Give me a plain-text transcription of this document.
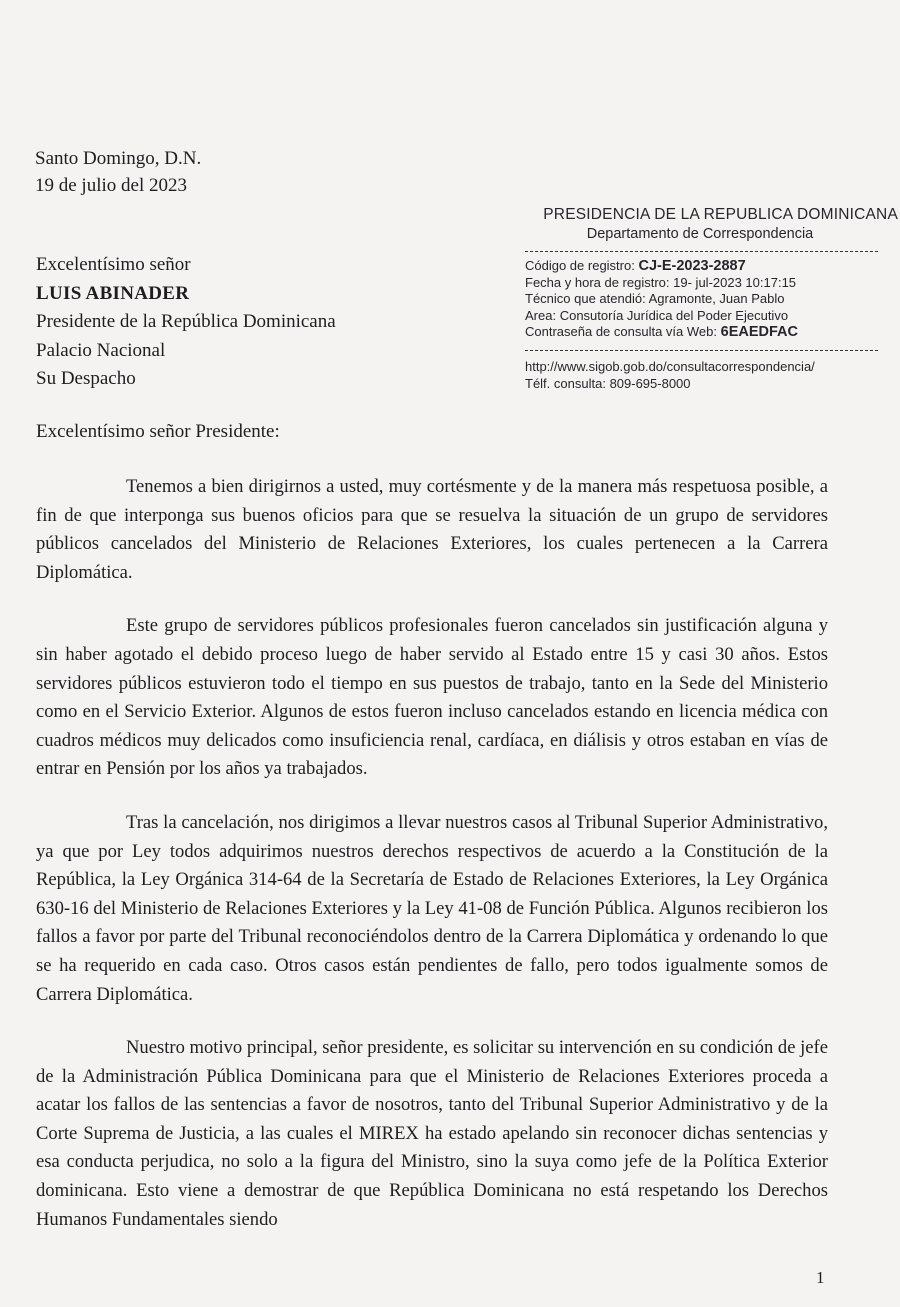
Santo Domingo, D.N.
19 de julio del 2023
Excelentísimo señor
LUIS ABINADER
Presidente de la República Dominicana
Palacio Nacional
Su Despacho
PRESIDENCIA DE LA REPUBLICA DOMINICANA
Departamento de Correspondencia
Código de registro: CJ-E-2023-2887
Fecha y hora de registro: 19- jul-2023 10:17:15
Técnico que atendió: Agramonte, Juan Pablo
Area: Consutoría Jurídica del Poder Ejecutivo
Contraseña de consulta vía Web: 6EAEDFAC
http://www.sigob.gob.do/consultacorrespondencia/
Télf. consulta: 809-695-8000
Excelentísimo señor Presidente:

Tenemos a bien dirigirnos a usted, muy cortésmente y de la manera más respetuosa posible, a fin de que interponga sus buenos oficios para que se resuelva la situación de un grupo de servidores públicos cancelados del Ministerio de Relaciones Exteriores, los cuales pertenecen a la Carrera Diplomática.

Este grupo de servidores públicos profesionales fueron cancelados sin justificación alguna y sin haber agotado el debido proceso luego de haber servido al Estado entre 15 y casi 30 años. Estos servidores públicos estuvieron todo el tiempo en sus puestos de trabajo, tanto en la Sede del Ministerio como en el Servicio Exterior. Algunos de estos fueron incluso cancelados estando en licencia médica con cuadros médicos muy delicados como insuficiencia renal, cardíaca, en diálisis y otros estaban en vías de entrar en Pensión por los años ya trabajados.

Tras la cancelación, nos dirigimos a llevar nuestros casos al Tribunal Superior Administrativo, ya que por Ley todos adquirimos nuestros derechos respectivos de acuerdo a la Constitución de la República, la Ley Orgánica 314-64 de la Secretaría de Estado de Relaciones Exteriores, la Ley Orgánica 630-16 del Ministerio de Relaciones Exteriores y la Ley 41-08 de Función Pública. Algunos recibieron los fallos a favor por parte del Tribunal reconociéndolos dentro de la Carrera Diplomática y ordenando lo que se ha requerido en cada caso. Otros casos están pendientes de fallo, pero todos igualmente somos de Carrera Diplomática.

Nuestro motivo principal, señor presidente, es solicitar su intervención en su condición de jefe de la Administración Pública Dominicana para que el Ministerio de Relaciones Exteriores proceda a acatar los fallos de las sentencias a favor de nosotros, tanto del Tribunal Superior Administrativo y de la Corte Suprema de Justicia, a las cuales el MIREX ha estado apelando sin reconocer dichas sentencias y esa conducta perjudica, no solo a la figura del Ministro, sino la suya como jefe de la Política Exterior dominicana. Esto viene a demostrar de que República Dominicana no está respetando los Derechos Humanos Fundamentales siendo

1
